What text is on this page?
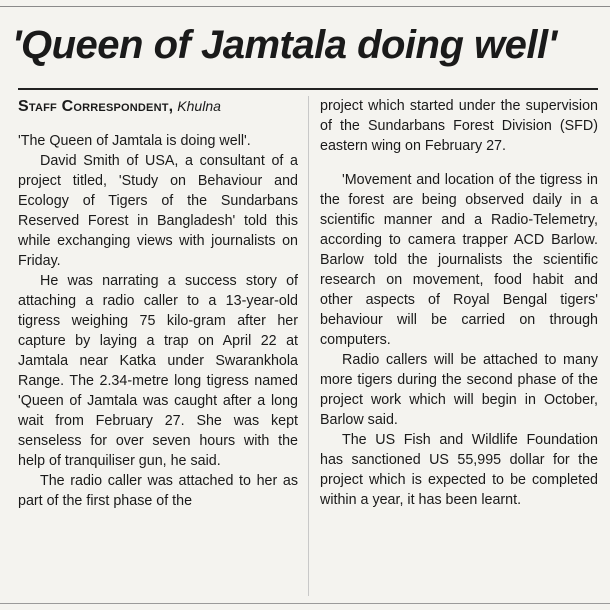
'Queen of Jamtala doing well'
Staff Correspondent, Khulna

'The Queen of Jamtala is doing well'.

David Smith of USA, a consultant of a project titled, 'Study on Behaviour and Ecology of Tigers of the Sundarbans Reserved Forest in Bangladesh' told this while exchanging views with journalists on Friday.

He was narrating a success story of attaching a radio caller to a 13-year-old tigress weighing 75 kilo-gram after her capture by laying a trap on April 22 at Jamtala near Katka under Swarankhola Range. The 2.34-metre long tigress named 'Queen of Jamtala was caught after a long wait from February 27. She was kept senseless for over seven hours with the help of tranquiliser gun, he said.

The radio caller was attached to her as part of the first phase of the

project which started under the supervision of the Sundarbans Forest Division (SFD) eastern wing on February 27.

'Movement and location of the tigress in the forest are being observed daily in a scientific manner and a Radio-Telemetry, according to camera trapper ACD Barlow. Barlow told the journalists the scientific research on movement, food habit and other aspects of Royal Bengal tigers' behaviour will be carried on through computers.

Radio callers will be attached to many more tigers during the second phase of the project work which will begin in October, Barlow said.

The US Fish and Wildlife Foundation has sanctioned US 55,995 dollar for the project which is expected to be completed within a year, it has been learnt.
